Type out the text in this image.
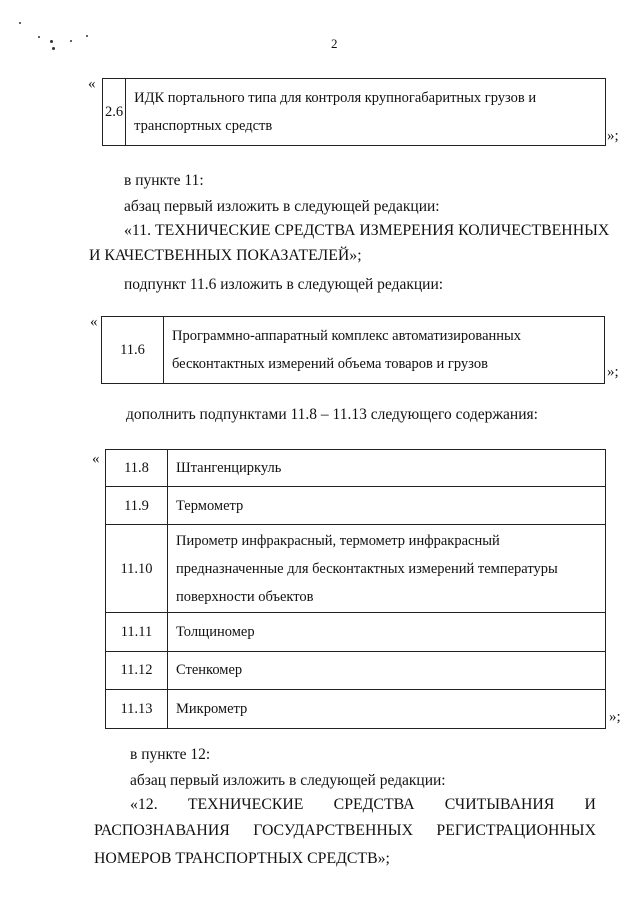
2
«
2.6	
ИДК портального типа для контроля крупногабаритных грузов и
транспортных средств
»;
в пункте 11:
абзац первый изложить в следующей редакции:
«11. ТЕХНИЧЕСКИЕ СРЕДСТВА ИЗМЕРЕНИЯ КОЛИЧЕСТВЕННЫХ
И КАЧЕСТВЕННЫХ ПОКАЗАТЕЛЕЙ»;
подпункт 11.6 изложить в следующей редакции:
«
11.6	
Программно-аппаратный комплекс автоматизированных
бесконтактных измерений объема товаров и грузов	»;
дополнить подпунктами 11.8 – 11.13 следующего содержания:
«
11.8	Штангенциркуль

11.9	Термометр

11.10	Пирометр инфракрасный, термометр инфракрасный
предназначенные для бесконтактных измерений температуры
поверхности объектов

11.11	Толщиномер

11.12	Стенкомер

11.13	Микрометр	»;
в пункте 12:
абзац первый изложить в следующей редакции:
«12. ТЕХНИЧЕСКИЕ СРЕДСТВА СЧИТЫВАНИЯ И
РАСПОЗНАВАНИЯ ГОСУДАРСТВЕННЫХ РЕГИСТРАЦИОННЫХ
НОМЕРОВ ТРАНСПОРТНЫХ СРЕДСТВ»;
